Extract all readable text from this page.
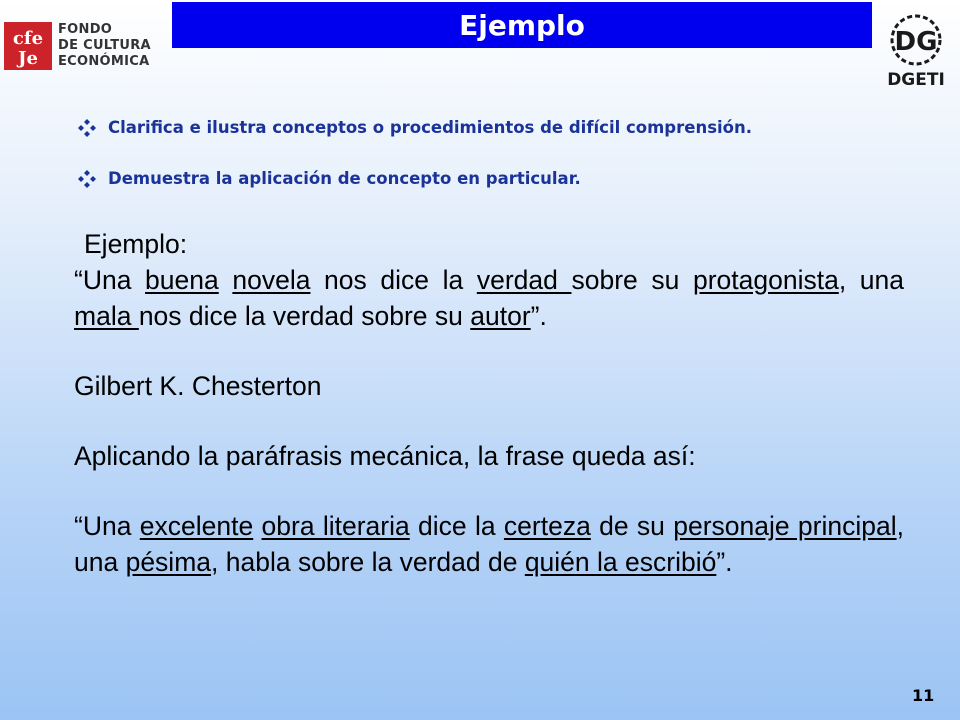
cfe
Je
FONDO
DE CULTURA
ECONÓMICA
Ejemplo
DG
DGETI
Clarifica e ilustra conceptos o procedimientos de difícil comprensión.
Demuestra la aplicación de concepto en particular.
Ejemplo:
“Una buena novela nos dice la verdad sobre su protagonista, una mala nos dice la verdad sobre su autor”.
Gilbert K. Chesterton
Aplicando la paráfrasis mecánica, la frase queda así:
“Una excelente obra literaria dice la certeza de su personaje principal, una pésima, habla sobre la verdad de quién la escribió”.
11
